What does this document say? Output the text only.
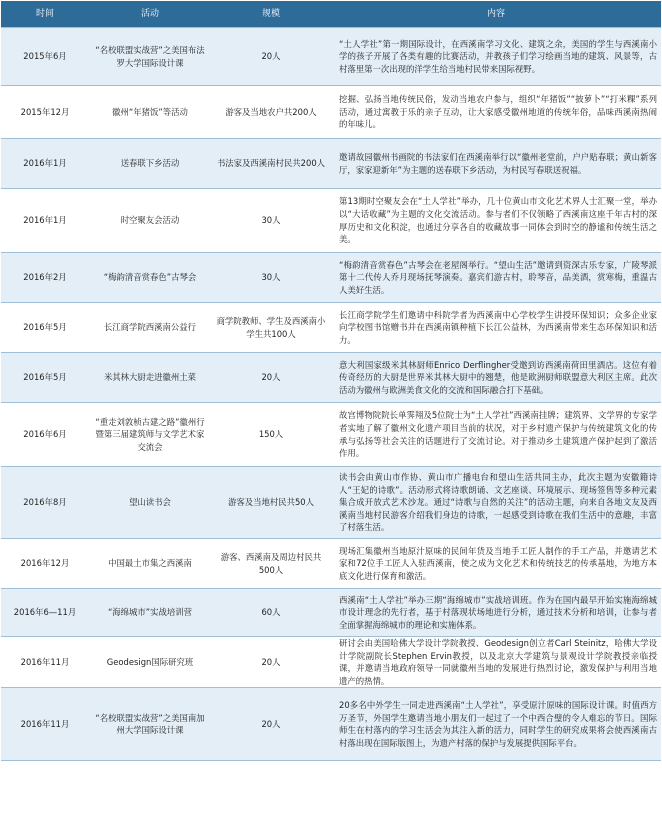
时间	活动	规模	内容
2015年6月	“名校联盟实战营”之美国布法罗大学国际设计课	20人	“土人学社”第一期国际设计，在西溪南学习文化、建筑之余，美国的学生与西溪南小学的孩子开展了各类有趣的比赛活动，并教孩子们学习绘画当地的建筑、风景等，古村落里第一次出现的洋学生给当地村民带来国际视野。
2015年12月	徽州“年猪饭”等活动	游客及当地农户共200人	挖掘、弘扬当地传统民俗，发动当地农户参与，组织“年猪饭”“披萝卜”“打米粿”系列活动，通过寓教于乐的亲子互动，让大家感受徽州地道的传统年俗，品味西溪南热闹的年味儿。
2016年1月	送春联下乡活动	书法家及西溪南村民共200人	邀请故园徽州书画院的书法家们在西溪南举行以“徽州老堂前，户户贴春联；黄山新客厅，家家迎新年”为主题的送春联下乡活动，为村民写春联送祝福。
2016年1月	时空聚友会活动	30人	第13期时空聚友会在“土人学社”举办，几十位黄山市文化艺术界人士汇聚一堂，举办以“大话收藏”为主题的文化交流活动。参与者们不仅领略了西溪南这座千年古村的深厚历史和文化积淀，也通过分享各自的收藏故事一同体会到时空的静谧和传统生活之美。
2016年2月	“梅韵清音赏春色”古琴会	30人	“梅韵清音赏春色”古琴会在老屋阁举行。“望山生活”邀请到资深古乐专家，广陵琴派第十二代传人乔月现场抚琴演奏。嘉宾们游古村，聆琴音，品美酒，赏寒梅，重温古人美好生活。
2016年5月	长江商学院西溪南公益行	商学院教师、学生及西溪南小学生共100人	长江商学院学生们邀请中科院学者为西溪南中心学校学生讲授环保知识；众多企业家向学校图书馆赠书并在西溪南镇种植下长江公益林，为西溪南带来生态环保知识和活力。
2016年5月	米其林大厨走进徽州土菜	20人	意大利国家级米其林厨师Enrico Derflingher受邀到访西溪南荷田里酒店。这位有着传奇经历的大厨是世界米其林大厨中的翘楚，他是欧洲厨师联盟意大利区主席。此次活动为徽州与欧洲美食文化的交流和国际融合打下基础。
2016年6月	“重走刘敦桢古建之路”徽州行暨第三届建筑师与文学艺术家交流会	150人	故宫博物院院长单霁翔及5位院士为“土人学社”西溪南挂牌；建筑界、文学界的专家学者实地了解了徽州文化遗产项目当前的状况，对于乡村遗产保护与传统建筑文化的传承与弘扬等社会关注的话题进行了交流讨论。对于推动乡土建筑遗产保护起到了激活作用。
2016年8月	望山读书会	游客及当地村民共50人	读书会由黄山市作协、黄山市广播电台和望山生活共同主办，此次主题为安徽籍诗人“王妃的诗歌”。活动形式将诗歌朗诵、文艺座谈、环境展示、现场签售等多种元素集合成开放式艺术沙龙。通过“诗歌与自然的关注”的活动主题，向来自各地文友及西溪南当地村民游客介绍我们身边的诗歌，一起感受到诗歌在我们生活中的意趣，丰富了村落生活。
2016年12月	中国最土市集之西溪南	游客、西溪南及周边村民共500人	现场汇集徽州当地原汁原味的民间年货及当地手工匠人制作的手工产品，并邀请艺术家和72位手工匠人入驻西溪南，使之成为文化艺术和传统技艺的传承基地，为地方本底文化进行保育和激活。
2016年6—11月	“海绵城市”实战培训营	60人	西溪南“土人学社”举办三期“海绵城市”实战培训班。作为在国内最早开始实施海绵城市设计理念的先行者，基于村落现状场地进行分析，通过技术分析和培训，让参与者全面掌握海绵城市的理论和实施体系。
2016年11月	Geodesign国际研究班	20人	研讨会由美国哈佛大学设计学院教授、Geodesign创立者Carl Steinitz，哈佛大学设计学院副院长Stephen Ervin教授，以及北京大学建筑与景观设计学院教授亲临授课，并邀请当地政府领导一同就徽州当地的发展进行热烈讨论，激发保护与利用当地遗产的热情。
2016年11月	“名校联盟实战营”之美国南加州大学国际设计课	20人	20多名中外学生一同走进西溪南“土人学社”，享受原汁原味的国际设计课。时值西方万圣节，外国学生邀请当地小朋友们一起过了一个中西合璧的令人难忘的节日。国际师生在村落内的学习生活会为其注入新的活力，同时学生的研究成果将会使西溪南古村落出现在国际版图上，为遗产村落的保护与发展提供国际平台。
